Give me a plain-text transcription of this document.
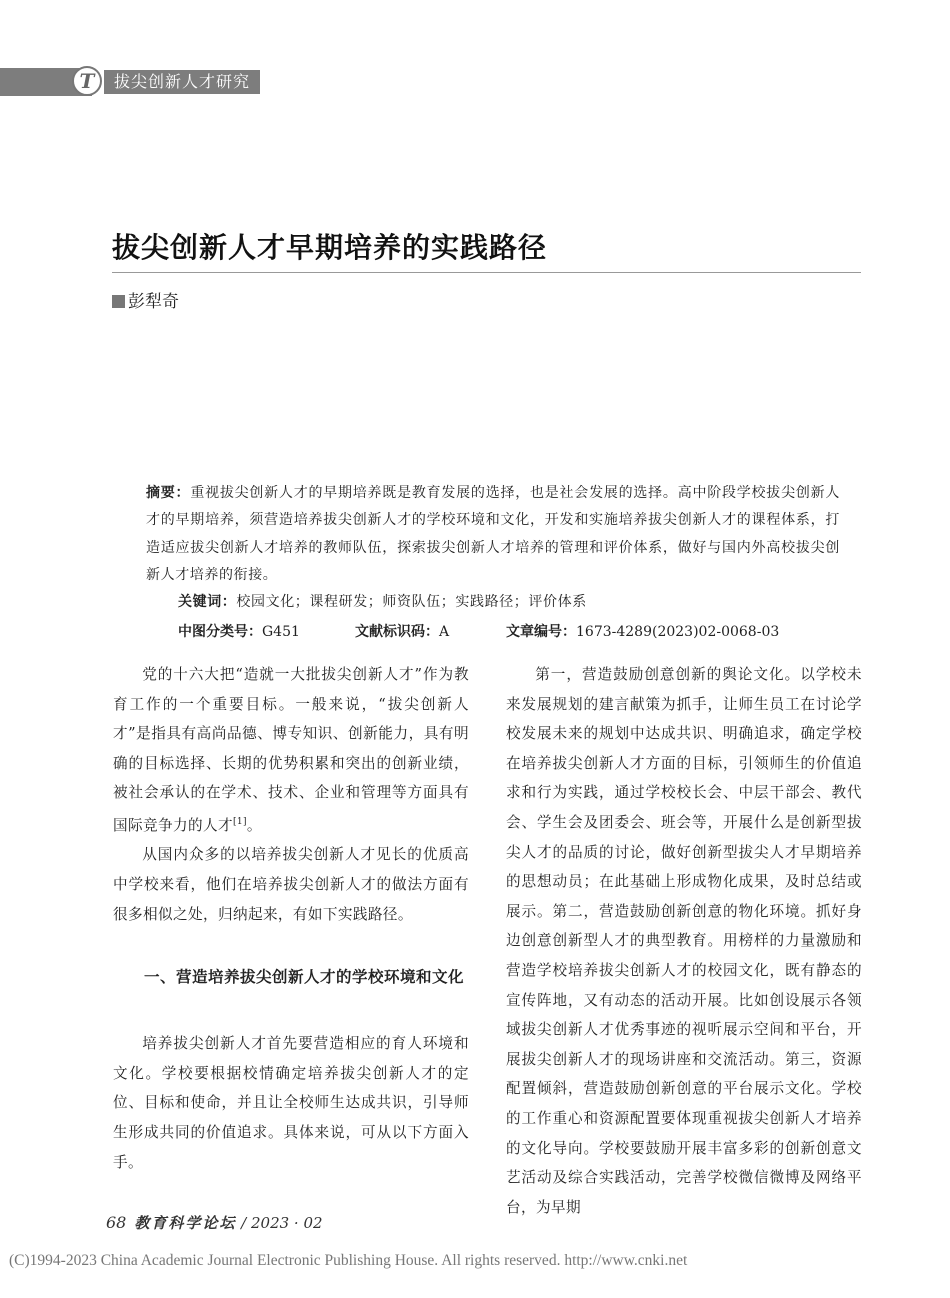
T	拔尖创新人才研究
拔尖创新人才早期培养的实践路径
彭犁奇

摘要：重视拔尖创新人才的早期培养既是教育发展的选择，也是社会发展的选择。高中阶段学校拔尖创新人才的早期培养，须营造培养拔尖创新人才的学校环境和文化，开发和实施培养拔尖创新人才的课程体系，打造适应拔尖创新人才培养的教师队伍，探索拔尖创新人才培养的管理和评价体系，做好与国内外高校拔尖创新人才培养的衔接。

关键词：校园文化；课程研发；师资队伍；实践路径；评价体系
中图分类号：G451	文献标识码：A	文章编号：1673-4289(2023)02-0068-03

党的十六大把“造就一大批拔尖创新人才”作为教育工作的一个重要目标。一般来说，“拔尖创新人才”是指具有高尚品德、博专知识、创新能力，具有明确的目标选择、长期的优势积累和突出的创新业绩，被社会承认的在学术、技术、企业和管理等方面具有国际竞争力的人才[1]。

从国内众多的以培养拔尖创新人才见长的优质高中学校来看，他们在培养拔尖创新人才的做法方面有很多相似之处，归纳起来，有如下实践路径。

一、营造培养拔尖创新人才的学校环境和文化

培养拔尖创新人才首先要营造相应的育人环境和文化。学校要根据校情确定培养拔尖创新人才的定位、目标和使命，并且让全校师生达成共识，引导师生形成共同的价值追求。具体来说，可从以下方面入手。

第一，营造鼓励创意创新的舆论文化。以学校未来发展规划的建言献策为抓手，让师生员工在讨论学校发展未来的规划中达成共识、明确追求，确定学校在培养拔尖创新人才方面的目标，引领师生的价值追求和行为实践，通过学校校长会、中层干部会、教代会、学生会及团委会、班会等，开展什么是创新型拔尖人才的品质的讨论，做好创新型拔尖人才早期培养的思想动员；在此基础上形成物化成果，及时总结或展示。第二，营造鼓励创新创意的物化环境。抓好身边创意创新型人才的典型教育。用榜样的力量激励和营造学校培养拔尖创新人才的校园文化，既有静态的宣传阵地，又有动态的活动开展。比如创设展示各领域拔尖创新人才优秀事迹的视听展示空间和平台，开展拔尖创新人才的现场讲座和交流活动。第三，资源配置倾斜，营造鼓励创新创意的平台展示文化。学校的工作重心和资源配置要体现重视拔尖创新人才培养的文化导向。学校要鼓励开展丰富多彩的创新创意文艺活动及综合实践活动，完善学校微信微博及网络平台，为早期

68 教育科学论坛 / 2023 · 02
(C)1994-2023 China Academic Journal Electronic Publishing House. All rights reserved. http://www.cnki.net
